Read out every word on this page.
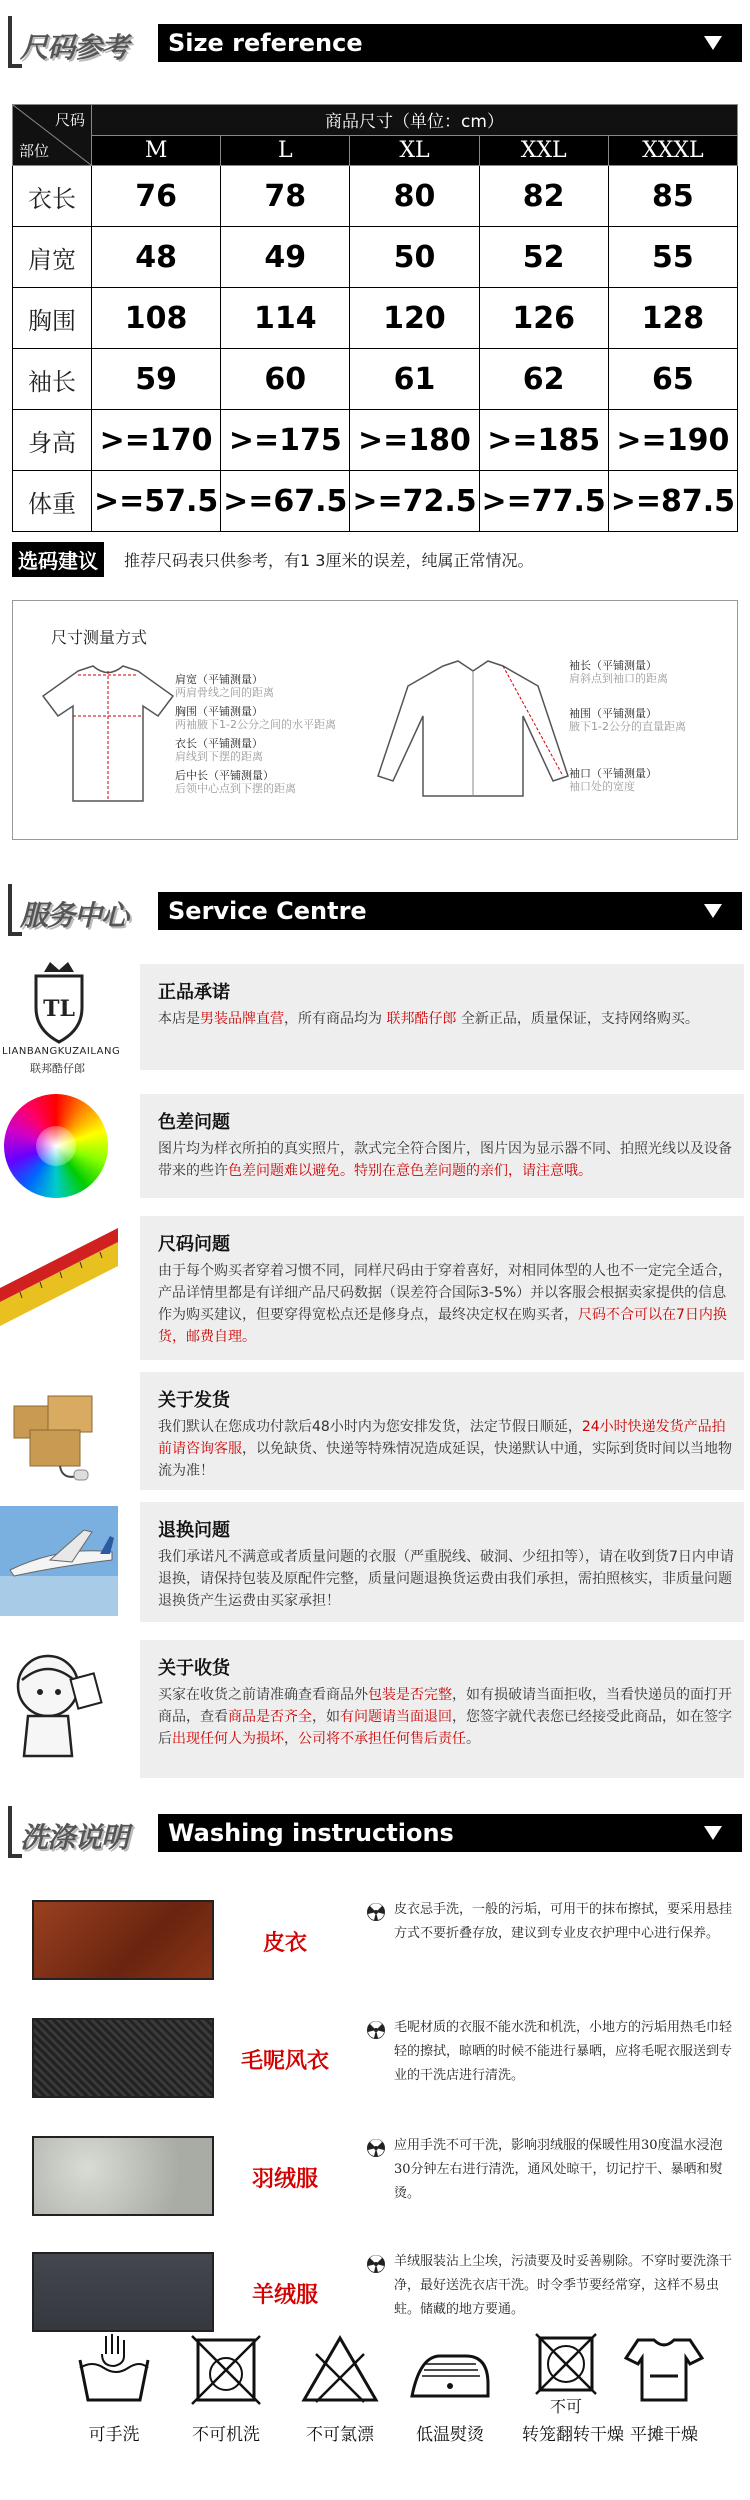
尺码参考 Size reference
尺码
部位	商品尺寸（单位：cm）				
	M	L	XL	XXL	XXXL
衣长	76	78	80	82	85
肩宽	48	49	50	52	55
胸围	108	114	120	126	128
袖长	59	60	61	62	65
身高	>=170	>=175	>=180	>=185	>=190
体重	>=57.5	>=67.5	>=72.5	>=77.5	>=87.5
选码建议	推荐尺码表只供参考，有1 3厘米的误差，纯属正常情况。
尺寸测量方式
肩宽（平铺测量）
两肩骨线之间的距离
胸围（平铺测量）
两袖腋下1-2公分之间的水平距离
衣长（平铺测量）
肩线到下摆的距离
后中长（平铺测量）
后领中心点到下摆的距离
袖长（平铺测量）
肩斜点到袖口的距离
袖围（平铺测量）
腋下1-2公分的直量距离
袖口（平铺测量）
袖口处的宽度
服务中心 Service Centre
TL
LIANBANGKUZAILANG
联邦酷仔郎
正品承诺

本店是男装品牌直营，所有商品均为 联邦酷仔郎 全新正品，质量保证，支持网络购买。

色差问题

图片均为样衣所拍的真实照片，款式完全符合图片，图片因为显示器不同、拍照光线以及设备带来的些许色差问题难以避免。特别在意色差问题的亲们，请注意哦。

尺码问题

由于每个购买者穿着习惯不同，同样尺码由于穿着喜好，对相同体型的人也不一定完全适合，产品详情里都是有详细产品尺码数据（误差符合国际3-5%）并以客服会根据卖家提供的信息作为购买建议，但要穿得宽松点还是修身点，最终决定权在购买者，尺码不合可以在7日内换货，邮费自理。

关于发货

我们默认在您成功付款后48小时内为您安排发货，法定节假日顺延，24小时快递发货产品拍前请咨询客服，以免缺货、快递等特殊情况造成延误，快递默认中通，实际到货时间以当地物流为准！

退换问题

我们承诺凡不满意或者质量问题的衣服（严重脱线、破洞、少纽扣等），请在收到货7日内申请退换，请保持包装及原配件完整，质量问题退换货运费由我们承担，需拍照核实，非质量问题退换货产生运费由买家承担！

关于收货

买家在收货之前请准确查看商品外包装是否完整，如有损破请当面拒收，当看快递员的面打开商品，查看商品是否齐全，如有问题请当面退回，您签字就代表您已经接受此商品，如在签字后出现任何人为损坏，公司将不承担任何售后责任。

洗涤说明 Washing instructions
皮衣
皮衣忌手洗，一般的污垢，可用干的抹布擦拭，要采用悬挂方式不要折叠存放，建议到专业皮衣护理中心进行保养。
毛呢风衣
毛呢材质的衣服不能水洗和机洗，小地方的污垢用热毛巾轻轻的擦拭，晾晒的时候不能进行暴晒，应将毛呢衣服送到专业的干洗店进行清洗。
羽绒服
应用手洗不可干洗，影响羽绒服的保暖性用30度温水浸泡30分钟左右进行清洗，通风处晾干，切记拧干、暴晒和熨烫。
羊绒服
羊绒服装沾上尘埃，污渍要及时妥善剔除。不穿时要洗涤干净，最好送洗衣店干洗。时令季节要经常穿，这样不易虫蛀。储藏的地方要通。
可手洗	不可机洗	不可氯漂	低温熨烫
不可
转笼翻转干燥 平摊干燥
